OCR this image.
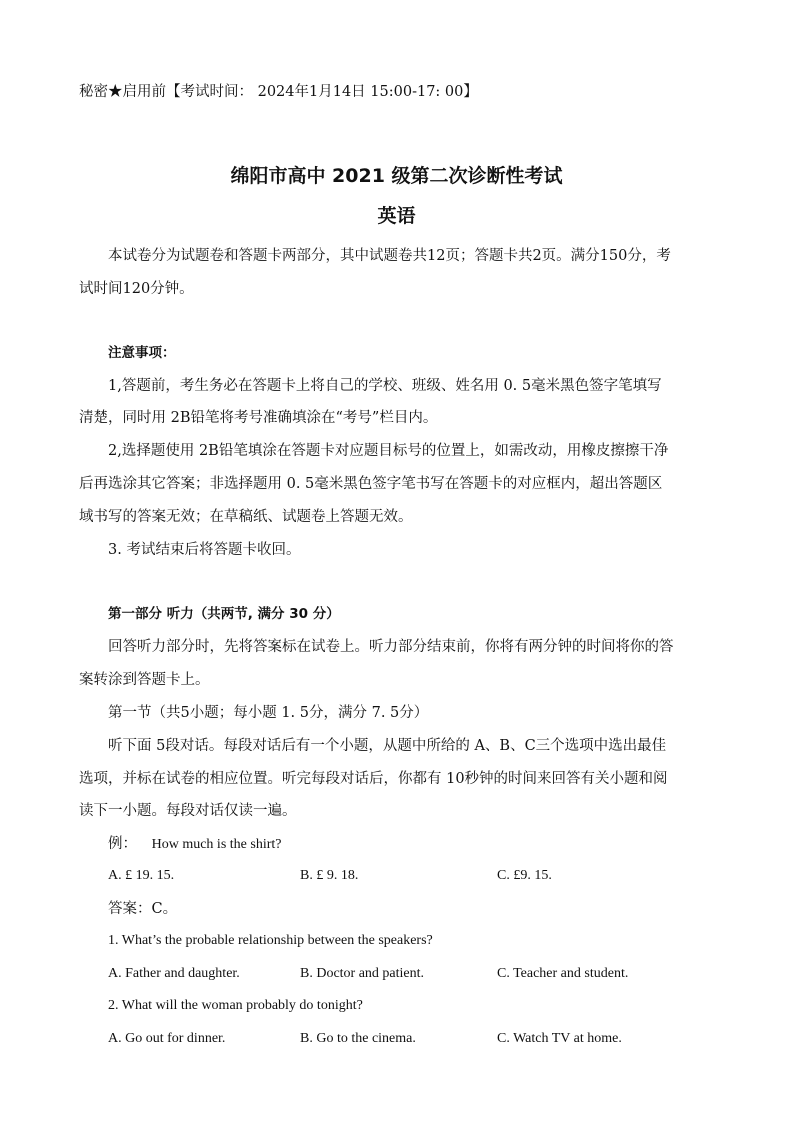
秘密★启用前【考试时间： 2024年1月14日 15:00-17: 00】
绵阳市高中 2021 级第二次诊断性考试
英语
本试卷分为试题卷和答题卡两部分，其中试题卷共12页；答题卡共2页。满分150分，考
试时间120分钟。
注意事项：
1,答题前，考生务必在答题卡上将自己的学校、班级、姓名用 0. 5毫米黑色签字笔填写
清楚，同时用 2B铅笔将考号准确填涂在“考号”栏目内。
2,选择题使用 2B铅笔填涂在答题卡对应题目标号的位置上，如需改动，用橡皮擦擦干净
后再选涂其它答案；非选择题用 0. 5毫米黑色签字笔书写在答题卡的对应框内，超出答题区
域书写的答案无效；在草稿纸、试题卷上答题无效。
3. 考试结束后将答题卡收回。
第一部分 听力（共两节, 满分 30 分）
回答听力部分时，先将答案标在试卷上。听力部分结束前，你将有两分钟的时间将你的答
案转涂到答题卡上。
第一节（共5小题；每小题 1. 5分，满分 7. 5分）
听下面 5段对话。每段对话后有一个小题，从题中所给的 A、B、C三个选项中选出最佳
选项，并标在试卷的相应位置。听完每段对话后，你都有 10秒钟的时间来回答有关小题和阅
读下一小题。每段对话仅读一遍。
例： How much is the shirt?
A. £ 19. 15.	B. £ 9. 18.	C. £9. 15.
答案：C。
1. What’s the probable relationship between the speakers?
A. Father and daughter.	B. Doctor and patient.	C. Teacher and student.
2. What will the woman probably do tonight?
A. Go out for dinner.	B. Go to the cinema.	C. Watch TV at home.
